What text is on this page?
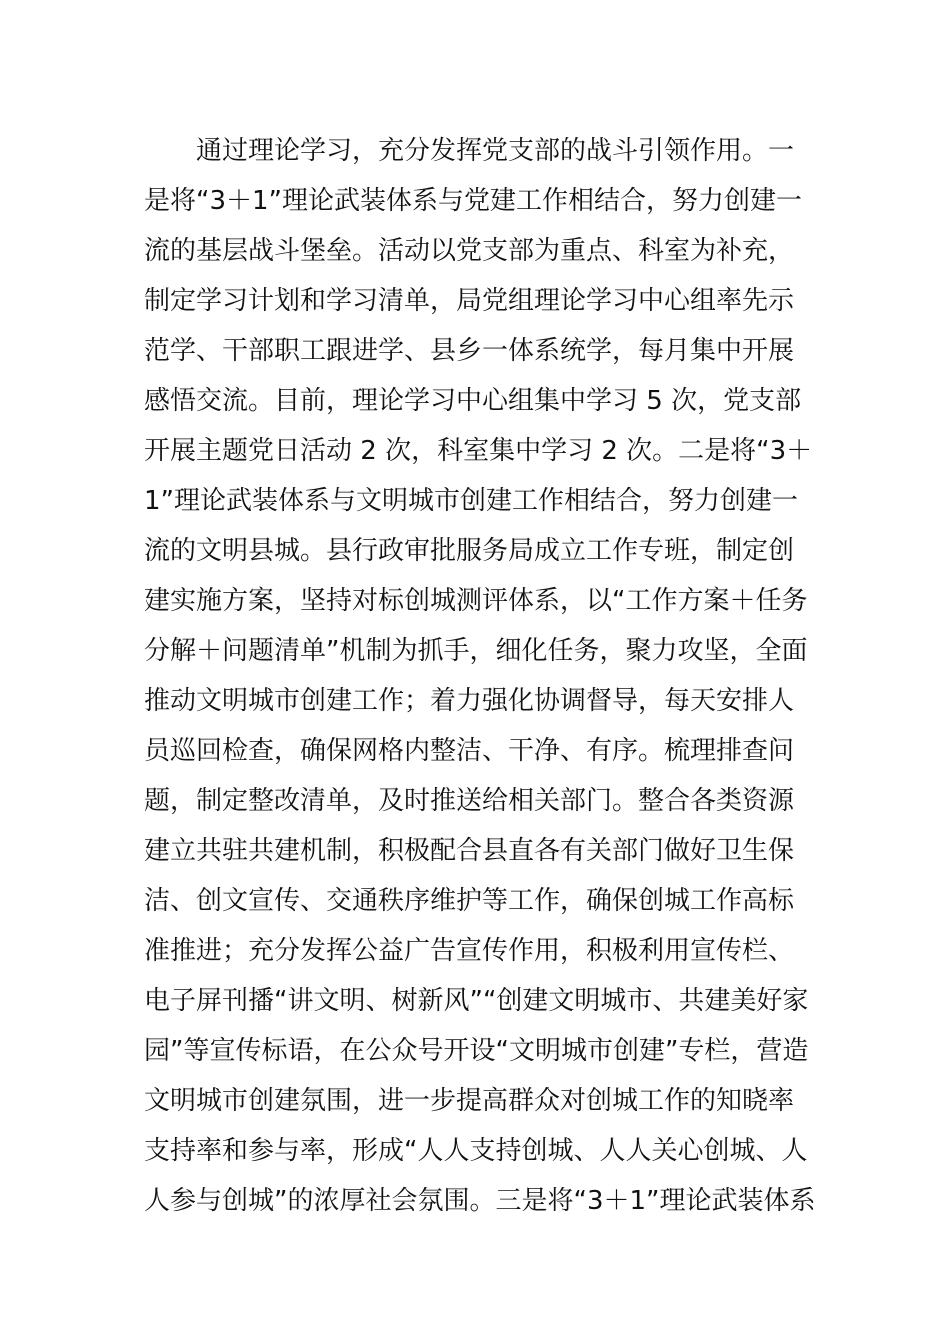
通过理论学习，充分发挥党支部的战斗引领作用。一
是将“3＋1”理论武装体系与党建工作相结合，努力创建一
流的基层战斗堡垒。活动以党支部为重点、科室为补充，
制定学习计划和学习清单，局党组理论学习中心组率先示
范学、干部职工跟进学、县乡一体系统学，每月集中开展
感悟交流。目前，理论学习中心组集中学习 5 次，党支部
开展主题党日活动 2 次，科室集中学习 2 次。二是将“3＋
1”理论武装体系与文明城市创建工作相结合，努力创建一
流的文明县城。县行政审批服务局成立工作专班，制定创
建实施方案，坚持对标创城测评体系，以“工作方案＋任务
分解＋问题清单”机制为抓手，细化任务，聚力攻坚，全面
推动文明城市创建工作；着力强化协调督导，每天安排人
员巡回检查，确保网格内整洁、干净、有序。梳理排查问
题，制定整改清单，及时推送给相关部门。整合各类资源
建立共驻共建机制，积极配合县直各有关部门做好卫生保
洁、创文宣传、交通秩序维护等工作，确保创城工作高标
准推进；充分发挥公益广告宣传作用，积极利用宣传栏、
电子屏刊播“讲文明、树新风”“创建文明城市、共建美好家
园”等宣传标语，在公众号开设“文明城市创建”专栏，营造
文明城市创建氛围，进一步提高群众对创城工作的知晓率
支持率和参与率，形成“人人支持创城、人人关心创城、人
人参与创城”的浓厚社会氛围。三是将“3＋1”理论武装体系
